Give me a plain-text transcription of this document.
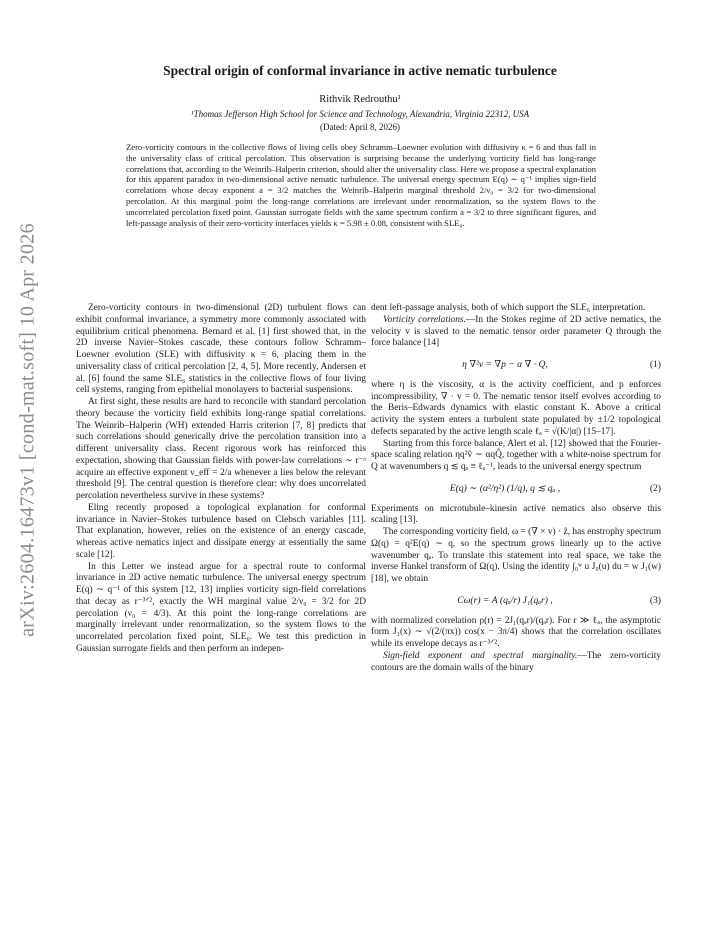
arXiv:2604.16473v1 [cond-mat.soft] 10 Apr 2026
Spectral origin of conformal invariance in active nematic turbulence
Rithvik Redrouthu¹
¹Thomas Jefferson High School for Science and Technology, Alexandria, Virginia 22312, USA
(Dated: April 8, 2026)
Zero-vorticity contours in the collective flows of living cells obey Schramm–Loewner evolution with diffusivity κ = 6 and thus fall in the universality class of critical percolation. This observation is surprising because the underlying vorticity field has long-range correlations that, according to the Weinrib–Halperin criterion, should alter the universality class. Here we propose a spectral explanation for this apparent paradox in two-dimensional active nematic turbulence. The universal energy spectrum E(q) ∼ q⁻¹ implies sign-field correlations whose decay exponent a = 3/2 matches the Weinrib–Halperin marginal threshold 2/ν₀ = 3/2 for two-dimensional percolation. At this marginal point the long-range correlations are irrelevant under renormalization, so the system flows to the uncorrelated percolation fixed point. Gaussian surrogate fields with the same spectrum confirm a = 3/2 to three significant figures, and left-passage analysis of their zero-vorticity interfaces yields κ = 5.98 ± 0.08, consistent with SLE₆.

Zero-vorticity contours in two-dimensional (2D) turbulent flows can exhibit conformal invariance, a symmetry more commonly associated with equilibrium critical phenomena. Bernard et al. [1] first showed that, in the 2D inverse Navier–Stokes cascade, these contours follow Schramm–Loewner evolution (SLE) with diffusivity κ = 6, placing them in the universality class of critical percolation [2, 4, 5]. More recently, Andersen et al. [6] found the same SLE₆ statistics in the collective flows of four living cell systems, ranging from epithelial monolayers to bacterial suspensions.

At first sight, these results are hard to reconcile with standard percolation theory because the vorticity field exhibits long-range spatial correlations. The Weinrib–Halperin (WH) extended Harris criterion [7, 8] predicts that such correlations should generically drive the percolation transition into a different universality class. Recent rigorous work has reinforced this expectation, showing that Gaussian fields with power-law correlations ∼ r⁻ᵃ acquire an effective exponent ν_eff = 2/a whenever a lies below the relevant threshold [9]. The central question is therefore clear: why does uncorrelated percolation nevertheless survive in these systems?

Eling recently proposed a topological explanation for conformal invariance in Navier–Stokes turbulence based on Clebsch variables [11]. That explanation, however, relies on the existence of an energy cascade, whereas active nematics inject and dissipate energy at essentially the same scale [12].

In this Letter we instead argue for a spectral route to conformal invariance in 2D active nematic turbulence. The universal energy spectrum E(q) ∼ q⁻¹ of this system [12, 13] implies vorticity sign-field correlations that decay as r⁻³ᐟ², exactly the WH marginal value 2/ν₀ = 3/2 for 2D percolation (ν₀ = 4/3). At this point the long-range correlations are marginally irrelevant under renormalization, so the system flows to the uncorrelated percolation fixed point, SLE₆. We test this prediction in Gaussian surrogate fields and then perform an indepen-

dent left-passage analysis, both of which support the SLE₆ interpretation.

Vorticity correlations.—In the Stokes regime of 2D active nematics, the velocity v is slaved to the nematic tensor order parameter Q through the force balance [14]

η ∇²v = ∇p − α ∇ · Q,	(1)

where η is the viscosity, α is the activity coefficient, and p enforces incompressibility, ∇ · v = 0. The nematic tensor itself evolves according to the Beris–Edwards dynamics with elastic constant K. Above a critical activity the system enters a turbulent state populated by ±1/2 topological defects separated by the active length scale ℓₐ = √(K/|α|) [15–17].

Starting from this force balance, Alert et al. [12] showed that the Fourier-space scaling relation ηq²v̂ ∼ αqQ̂, together with a white-noise spectrum for Q at wavenumbers q ≲ qₐ ≡ ℓₐ⁻¹, leads to the universal energy spectrum

E(q) ∼ (α²/η²) (1/q), q ≲ qₐ ,	(2)

Experiments on microtubule–kinesin active nematics also observe this scaling [13].

The corresponding vorticity field, ω = (∇ × v) · ẑ, has enstrophy spectrum Ω(q) = q²E(q) ∼ q, so the spectrum grows linearly up to the active wavenumber qₐ. To translate this statement into real space, we take the inverse Hankel transform of Ω(q). Using the identity ∫₀ʷ u J₀(u) du = w J₁(w) [18], we obtain

Cω(r) = A (qₐ/r) J₁(qₐr) ,	(3)

with normalized correlation ρ(r) = 2J₁(qₐr)/(qₐr). For r ≫ ℓₐ, the asymptotic form J₁(x) ∼ √(2/(πx)) cos(x − 3π/4) shows that the correlation oscillates while its envelope decays as r⁻³ᐟ².

Sign-field exponent and spectral marginality.—The zero-vorticity contours are the domain walls of the binary
